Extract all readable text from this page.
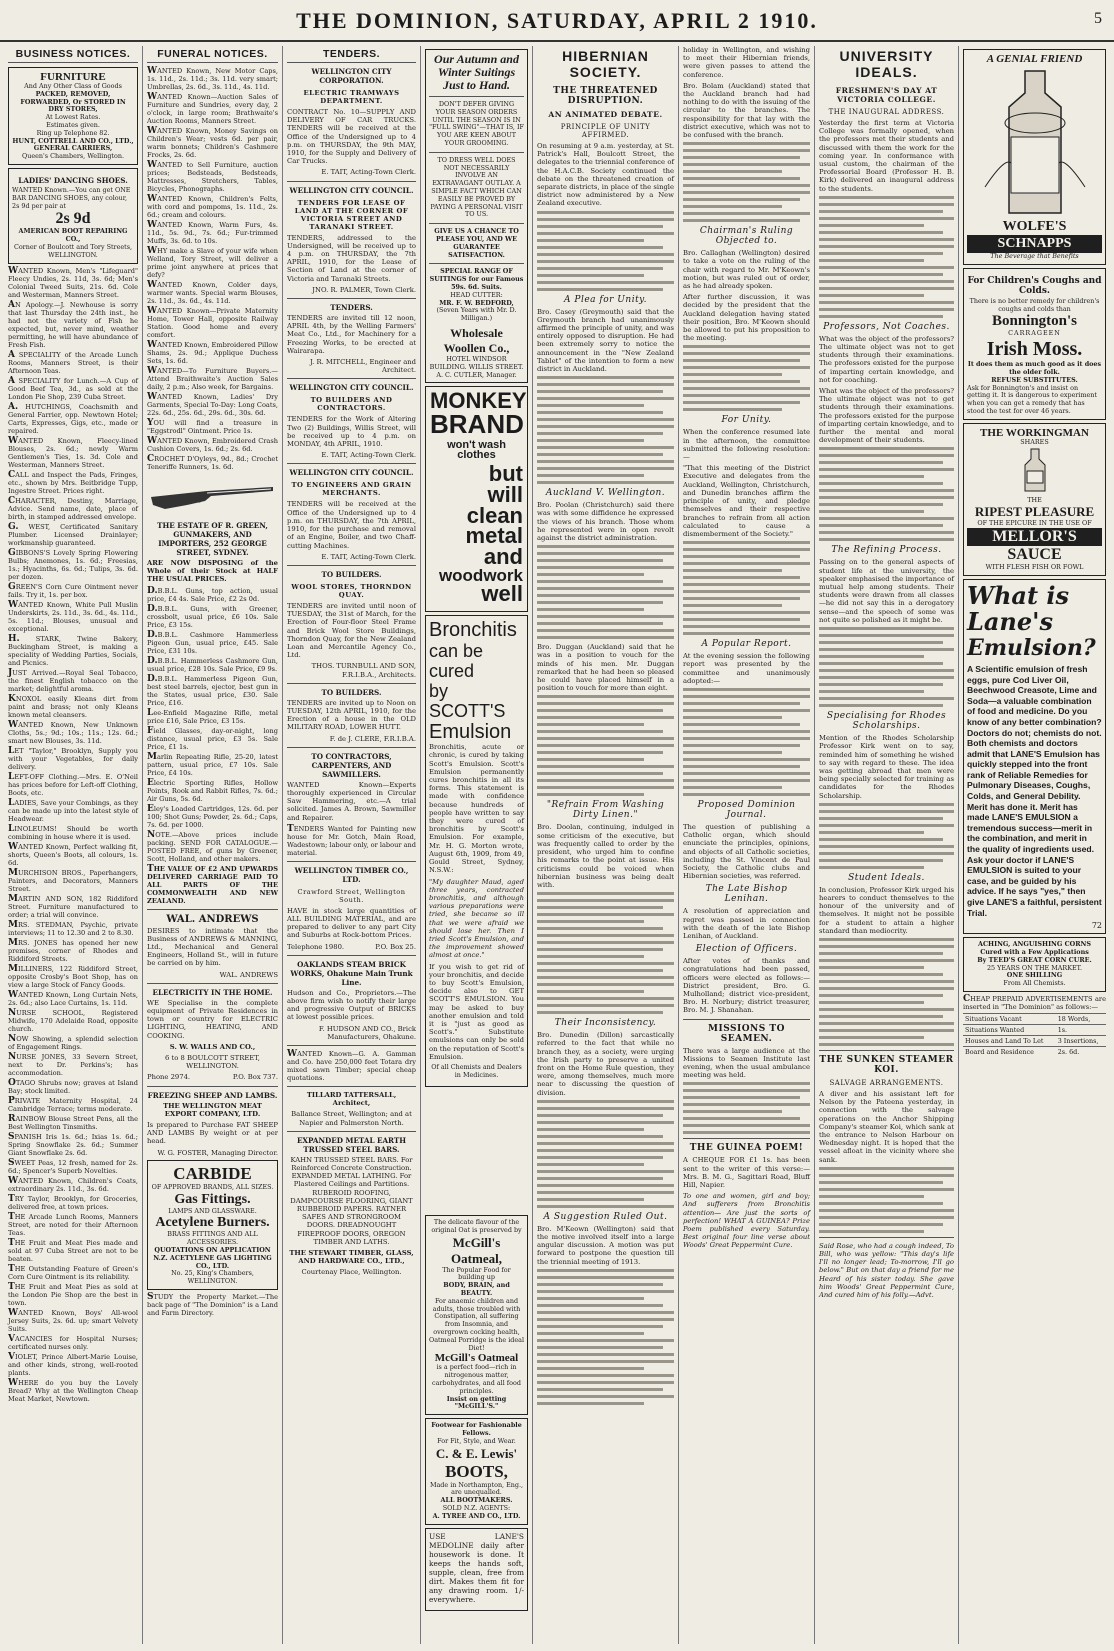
THE DOMINION, SATURDAY, APRIL 2 1910.	5
BUSINESS NOTICES.
FURNITURE
And Any Other Class of Goods
PACKED, REMOVED, FORWARDED, Or STORED IN DRY STORES,
At Lowest Rates.
Estimates given.
Ring up Telephone 82.
HUNT, COTTRELL AND CO., LTD., GENERAL CARRIERS,
Queen's Chambers, Wellington.
LADIES' DANCING SHOES.
WANTED Known.—You can get ONE BAR DANCING SHOES, any colour, 2s 9d per pair at
2s 9d
AMERICAN BOOT REPAIRING CO.,
Corner of Boulcott and Tory Streets, WELLINGTON.

WANTED Known, Men's "Lifeguard" Fleecy Undies, 2s. 11d, 3s. 6d; Men's Colonial Tweed Suits, 21s. 6d. Cole and Westerman, Manners Street.

AN Apology.—J. Newhouse is sorry that last Thursday the 24th inst., he had not the variety of Fish he expected, but, never mind, weather permitting, he will have abundance of Fresh Fish.

A SPECIALITY of the Arcade Lunch Rooms, Manners Street, is their Afternoon Teas.

A SPECIALITY for Lunch.—A Cup of Good Beef Tea, 3d., as sold at the London Pie Shop, 239 Cuba Street.

A. HUTCHINGS, Coachsmith and General Farrier, opp. Newtown Hotel; Carts, Expresses, Gigs, etc., made or repaired.

WANTED Known, Fleecy-lined Blouses, 2s. 6d.; newly Warm Gentlemen's Ties, 1s. 3d. Cole and Westerman, Manners Street.

CALL and Inspect the Pads, Fringes, etc., shown by Mrs. Beitbridge Tupp, Ingestre Street. Prices right.

CHARACTER, Destiny, Marriage, Advice. Send name, date, place of birth, in stamped addressed envelope.

G. WEST, Certificated Sanitary Plumber. Licensed Drainlayer; workmanship guaranteed.

GIBBONS'S Lovely Spring Flowering Bulbs; Anemones, 1s. 6d.; Freesias, 1s.; Hyacinths, 6s. 6d.; Tulips, 3s. 6d. per dozen.

GREEN'S Corn Cure Ointment never fails. Try it, 1s. per box.

WANTED Known, White Pull Muslin Underskirts, 2s. 11d., 3s. 6d., 4s. 11d., 5s. 11d.; Blouses, unusual and exceptional.

H. STARK, Twine Bakery, Buckingham Street, is making a speciality of Wedding Parties, Socials, and Picnics.

JUST Arrived.—Royal Seal Tobacco, the finest English tobacco on the market; delightful aroma.

KNOXOL easily Kleans dirt from paint and brass; not only Kleans known metal cleansers.

WANTED Known, New Unknown Cloths, 5s.; 9d.; 10s.; 11s.; 12s. 6d.; smart new Blouses, 3s. 11d.

LET "Taylor," Brooklyn, Supply you with your Vegetables, for daily delivery.

LEFT-OFF Clothing.—Mrs. E. O'Neil has prices before for Left-off Clothing, Boots, etc.

LADIES, Save your Combings, as they can be made up into the latest style of Headwear.

LINOLEUMS! Should be worth combining in house where it is used.

WANTED Known, Perfect walking fit, shorts, Queen's Boots, all colours, 1s. 6d.

MURCHISON BROS., Paperhangers, Painters, and Decorators, Manners Street.

MARTIN AND SON, 182 Riddiford Street. Furniture manufactured to order; a trial will convince.

MRS. STEDMAN, Psychic, private interviews; 11 to 12.30 and 2 to 8.30.

MRS. JONES has opened her new premises, corner of Rhodes and Riddiford Streets.

MILLINERS, 122 Riddiford Street, opposite Crosby's Boot Shop, has on view a large Stock of Fancy Goods.

WANTED Known, Long Curtain Nets, 2s. 6d.; also Lace Curtains, 1s. 11d.

NURSE SCHOOL, Registered Midwife, 170 Adelaide Road, opposite church.

NOW Showing, a splendid selection of Engagement Rings.

NURSE JONES, 33 Severn Street, next to Dr. Perkins's; has accommodation.

OTAGO Shrubs now; graves at Island Bay; stock limited.

PRIVATE Maternity Hospital, 24 Cambridge Terrace; terms moderate.

RAINBOW Blouse Street Pens, all the Best Wellington Tinsmiths.

SPANISH Iris 1s. 6d.; Ixias 1s. 6d.; Spring Snowflake 2s. 6d.; Summer Giant Snowflake 2s. 6d.

SWEET Peas, 12 fresh, named for 2s. 6d.; Spencer's Superb Novelties.

WANTED Known, Children's Coats, extraordinary 2s. 11d., 3s. 6d.

TRY Taylor, Brooklyn, for Groceries, delivered free, at town prices.

THE Arcade Lunch Rooms, Manners Street, are noted for their Afternoon Teas.

THE Fruit and Meat Pies made and sold at 97 Cuba Street are not to be beaten.

THE Outstanding Feature of Green's Corn Cure Ointment is its reliability.

THE Fruit and Meat Pies as sold at the London Pie Shop are the best in town.

WANTED Known, Boys' All-wool Jersey Suits, 2s. 6d. up; smart Velvety Suits.

VACANCIES for Hospital Nurses; certificated nurses only.

VIOLET, Prince Albert-Marie Louise, and other kinds, strong, well-rooted plants.

WHERE do you buy the Lovely Bread? Why at the Wellington Cheap Meat Market, Newtown.

FUNERAL NOTICES.

WANTED Known, New Motor Caps, 1s. 11d., 2s. 11d.; 3s. 11d. very smart; Umbrellas, 2s. 6d., 3s. 11d., 4s. 11d.

WANTED Known—Auction Sales of Furniture and Sundries, every day, 2 o'clock, in large room; Brathwaite's Auction Rooms, Manners Street.

WANTED Known, Money Savings on Children's Wear; vests 6d. per pair, warm bonnets; Children's Cashmere Frocks, 2s. 6d.

WANTED to Sell Furniture, auction prices; Bedsteads, Bedsteads, Mattresses, Stretchers, Tables, Bicycles, Phonographs.

WANTED Known, Children's Felts, with cord and pompoms, 1s. 11d., 2s. 6d.; cream and colours.

WANTED Known, Warm Furs, 4s. 11d., 5s. 9d., 7s. 6d.; Fur-trimmed Muffs, 3s. 6d. to 10s.

WHY make a Slave of your wife when Welland, Tory Street, will deliver a prime joint anywhere at prices that defy?

WANTED Known, Colder days, warmer wants. Special warm Blouses, 2s. 11d., 3s. 6d., 4s. 11d.

WANTED Known—Private Maternity Home, Tower Hall, opposite Railway Station. Good home and every comfort.

WANTED Known, Embroidered Pillow Shams, 2s. 9d.; Applique Duchess Sets, 1s. 6d.

WANTED—To Furniture Buyers.—Attend Braithwaite's Auction Sales daily, 2 p.m.; Also week, for Bargains.

WANTED Known, Ladies' Dry Garments, Special To-Day: Long Coats, 22s. 6d., 25s. 6d., 29s. 6d., 30s. 6d.

YOU will find a treasure in "Eggstrodl" Ointment. Price 1s.

WANTED Known, Embroidered Crash Cushion Covers, 1s. 6d.; 2s. 6d.

CROCHET D'Oyleys, 9d., 8d.; Crochet Teneriffe Runners, 1s. 6d.

THE ESTATE OF R. GREEN, GUNMAKERS, AND IMPORTERS, 252 GEORGE STREET, SYDNEY.

ARE NOW DISPOSING of the Whole of their Stock at HALF THE USUAL PRICES.

D.B.B.L. Guns, top action, usual price, £4 4s. Sale Price, £2 2s 0d.

D.B.B.L. Guns, with Greener, crossbolt, usual price, £6 10s. Sale Price, £3 15s.

D.B.B.L. Cashmore Hammerless Pigeon Gun, usual price, £45. Sale Price, £31 10s.

D.B.B.L. Hammerless Cashmore Gun, usual price, £28 10s. Sale Price, £9 9s.

D.B.B.L. Hammerless Pigeon Gun, best steel barrels, ejector, best gun in the States, usual price, £30. Sale Price, £16.

Lee-Enfield Magazine Rifle, metal price £16, Sale Price, £3 15s.

Field Glasses, day-or-night, long distance, usual price, £3 5s. Sale Price, £1 1s.

Marlin Repeating Rifle, 25-20, latest pattern, usual price, £7 10s. Sale Price, £4 10s.

Electric Sporting Rifles, Hollow Points, Rook and Rabbit Rifles, 7s. 6d.; Air Guns, 5s. 6d.

Eley's Loaded Cartridges, 12s. 6d. per 100; Shot Guns; Powder, 2s. 6d.; Caps, 7s. 6d. per 1000.

NOTE.—Above prices include packing. SEND FOR CATALOGUE.—POSTED FREE, of guns by Greener, Scott, Holland, and other makers.

THE VALUE OF £2 AND UPWARDS DELIVERED CARRIAGE PAID TO ALL PARTS OF THE COMMONWEALTH AND NEW ZEALAND.

WAL. ANDREWS

DESIRES to intimate that the Business of ANDREWS & MANNING, Ltd., Mechanical and General Engineers, Holland St., will in future be carried on by him.

WAL. ANDREWS

ELECTRICITY IN THE HOME.

WE Specialise in the complete equipment of Private Residences in town or country for ELECTRIC LIGHTING, HEATING, AND COOKING.

S. W. WALLS AND CO.,

6 to 8 BOULCOTT STREET, WELLINGTON.

Phone 2974.	P.O. Box 737.

FREEZING SHEEP AND LAMBS.

THE WELLINGTON MEAT EXPORT COMPANY, LTD.

Is prepared to Purchase FAT SHEEP AND LAMBS By weight or at per head.

W. G. FOSTER, Managing Director.

CARBIDE
OF APPROVED BRANDS, ALL SIZES.
Gas Fittings.
LAMPS AND GLASSWARE.
Acetylene Burners.
BRASS FITTINGS AND ALL ACCESSORIES.
QUOTATIONS ON APPLICATION
N.Z. ACETYLENE GAS LIGHTING CO., LTD.
No. 25, King's Chambers, WELLINGTON.

STUDY the Property Market.—The back page of "The Dominion" is a Land and Farm Directory.

TENDERS.
WELLINGTON CITY CORPORATION.
ELECTRIC TRAMWAYS DEPARTMENT.

CONTRACT No. 10—SUPPLY AND DELIVERY OF CAR TRUCKS. TENDERS will be received at the Office of the Undersigned up to 4 p.m. on THURSDAY, the 9th MAY, 1910, for the Supply and Delivery of Car Trucks.

E. TAIT, Acting-Town Clerk.

WELLINGTON CITY COUNCIL.
TENDERS FOR LEASE OF LAND AT THE CORNER OF VICTORIA STREET AND TARANAKI STREET.

TENDERS, addressed to the Undersigned, will be received up to 4 p.m. on THURSDAY, the 7th APRIL, 1910, for the Lease of Section of Land at the corner of Victoria and Taranaki Streets.

JNO. R. PALMER, Town Clerk.

TENDERS.

TENDERS are invited till 12 noon, APRIL 4th, by the Welling Farmers' Meat Co., Ltd., for Machinery for a Freezing Works, to be erected at Wairarapa.

J. R. MITCHELL, Engineer and Architect.

WELLINGTON CITY COUNCIL.
TO BUILDERS AND CONTRACTORS.

TENDERS for the Work of Altering Two (2) Buildings, Willis Street, will be received up to 4 p.m. on MONDAY, 4th APRIL, 1910.

E. TAIT, Acting-Town Clerk.

WELLINGTON CITY COUNCIL.
TO ENGINEERS AND GRAIN MERCHANTS.

TENDERS will be received at the Office of the Undersigned up to 4 p.m. on THURSDAY, the 7th APRIL, 1910, for the purchase and removal of an Engine, Boiler, and two Chaff-cutting Machines.

E. TAIT, Acting-Town Clerk.

TO BUILDERS.
WOOL STORES, THORNDON QUAY.

TENDERS are invited until noon of TUESDAY, the 31st of March, for the Erection of Four-floor Steel Frame and Brick Wool Store Buildings, Thorndon Quay, for the New Zealand Loan and Mercantile Agency Co., Ltd.

THOS. TURNBULL AND SON, F.R.I.B.A., Architects.

TO BUILDERS.

TENDERS are invited up to Noon on TUESDAY, 12th APRIL, 1910, for the Erection of a house in the OLD MILITARY ROAD, LOWER HUTT.

F. de J. CLERE, F.R.I.B.A.

TO CONTRACTORS, CARPENTERS, AND SAWMILLERS.

WANTED Known—Experts thoroughly experienced in Circular Saw Hammering, etc.—A trial solicited. James A. Brown, Sawmiller and Repairer.

TENDERS Wanted for Painting new house for Mr. Gotch, Main Road, Wadestown; labour only, or labour and material.

WELLINGTON TIMBER CO., LTD.
Crawford Street, Wellington South.

HAVE in stock large quantities of ALL BUILDING MATERIAL, and are prepared to deliver to any part City and Suburbs at Rock-bottom Prices.

Telephone 1980.	P.O. Box 25.

OAKLANDS STEAM BRICK WORKS, Ohakune Main Trunk Line.

Hudson and Co., Proprietors.—The above firm wish to notify their large and progressive Output of BRICKS at lowest possible prices.

F. HUDSON AND CO., Brick Manufacturers, Ohakune.

WANTED Known—G. A. Gamman and Co. have 250,000 feet Totara dry mixed sawn Timber; special cheap quotations.

TILLARD TATTERSALL, Architect,

Ballance Street, Wellington; and at Napier and Palmerston North.

EXPANDED METAL EARTH TRUSSED STEEL BARS.

KAHN TRUSSED STEEL BARS. For Reinforced Concrete Construction. EXPANDED METAL LATHING. For Plastered Ceilings and Partitions. RUBEROID ROOFING, DAMPCOURSE FLOORING, GIANT RUBBEROID PAPERS. RATNER SAFES AND STRONGROOM DOORS. DREADNOUGHT FIREPROOF DOORS, OREGON TIMBER AND LATHS.

THE STEWART TIMBER, GLASS, AND HARDWARE CO., LTD.,

Courtenay Place, Wellington.

Our Autumn and Winter Suitings Just to Hand.
DON'T DEFER GIVING YOUR SEASON ORDERS UNTIL THE SEASON IS IN "FULL SWING"—THAT IS, IF YOU ARE KEEN ABOUT YOUR GROOMING.
TO DRESS WELL DOES NOT NECESSARILY INVOLVE AN EXTRAVAGANT OUTLAY. A SIMPLE FACT WHICH CAN EASILY BE PROVED BY PAYING A PERSONAL VISIT TO US.
GIVE US A CHANCE TO PLEASE YOU, AND WE GUARANTEE SATISFACTION.
SPECIAL RANGE OF SUITINGS for our Famous 59s. 6d. Suits.
HEAD CUTTER:
MR. F. W. BEDFORD,
(Seven Years with Mr. D. Milligan.)
Wholesale Woollen Co.,
HOTEL WINDSOR BUILDING. WILLIS STREET.
A. C. CUTLER, Manager.
MONKEY
BRAND
won't wash clothes
but
will
clean
metal
and
woodwork
well
Bronchitis
can be cured
by SCOTT'S
Emulsion

Bronchitis, acute or chronic, is cured by taking Scott's Emulsion. Scott's Emulsion permanently cures bronchitis in all its forms. This statement is made with confidence because hundreds of people have written to say they were cured of bronchitis by Scott's Emulsion. For example, Mr. H. G. Morton wrote, August 6th, 1909, from 49, Gould Street, Sydney, N.S.W.:

"My daughter Maud, aged three years, contracted bronchitis, and although various preparations were tried, she became so ill that we were afraid we should lose her. Then I tried Scott's Emulsion, and the improvement showed almost at once."

If you wish to get rid of your bronchitis, and decide to buy Scott's Emulsion, decide also to GET SCOTT'S EMULSION. You may be asked to buy another emulsion and told it is "just as good as Scott's." Substitute emulsions can only be sold on the reputation of Scott's Emulsion.

Of all Chemists and Dealers in Medicines.

The delicate flavour of the original Oat is preserved by
McGill's Oatmeal,
The Popular Food for building up
BODY, BRAIN, and BEAUTY.
For anaemic children and adults, those troubled with Constipation, all suffering from Insomnia, and overgrown cocking health, Oatmeal Porridge is the ideal Diet!
McGill's Oatmeal
is a perfect food—rich in nitrogenous matter, carbohydrates, and all food principles.
Insist on getting "McGILL'S."
Footwear for Fashionable Fellows.
For Fit, Style, and Wear.
C. & E. Lewis'
BOOTS,
Made in Northampton, Eng., are unequalled.
ALL BOOTMAKERS.
SOLD N.Z. AGENTS:
A. TYREE AND CO., LTD.

USE LANE'S MEDOLINE daily after housework is done. It keeps the hands soft, supple, clean, free from dirt. Makes them fit for any drawing room. 1/- everywhere.

HIBERNIAN SOCIETY.
THE THREATENED DISRUPTION.
AN ANIMATED DEBATE.
PRINCIPLE OF UNITY AFFIRMED.

On resuming at 9 a.m. yesterday, at St. Patrick's Hall, Boulcott Street, the delegates to the triennial conference of the H.A.C.B. Society continued the debate on the threatened creation of separate districts, in place of the single district now administered by a New Zealand executive.

A Plea for Unity.

Bro. Casey (Greymouth) said that the Greymouth branch had unanimously affirmed the principle of unity, and was entirely opposed to disruption. He had been extremely sorry to notice the announcement in the "New Zealand Tablet" of the intention to form a new district in Auckland.

Auckland V. Wellington.

Bro. Poolan (Christchurch) said there was with some diffidence he expressed the views of his branch. Those whom he represented were in open revolt against the district administration.

Bro. Duggan (Auckland) said that he was in a position to vouch for the minds of his men. Mr. Duggan remarked that he had been so pleased he could have placed himself in a position to vouch for more than eight.

"Refrain From Washing Dirty Linen."

Bro. Doolan, continuing, indulged in some criticism of the executive, but was frequently called to order by the president, who urged him to confine his remarks to the point at issue. His criticisms could be voiced when hibernian business was being dealt with.

Their Inconsistency.

Bro. Dunedin (Dillon) sarcastically referred to the fact that while no branch they, as a society, were urging the Irish party to preserve a united front on the Home Rule question, they were, among themselves, much more near to discussing the question of division.

A Suggestion Ruled Out.

Bro. M'Keown (Wellington) said that the motive involved itself into a large angular discussion. A motion was put forward to postpone the question till the triennial meeting of 1913.

holiday in Wellington, and wishing to meet their Hibernian friends, were given passes to attend the conference.

Bro. Bolam (Auckland) stated that the Auckland branch had had nothing to do with the issuing of the circular to the branches. The responsibility for that lay with the district executive, which was not to be confused with the branch.

Chairman's Ruling Objected to.

Bro. Callaghan (Wellington) desired to take a vote on the ruling of the chair with regard to Mr. M'Keown's motion, but was ruled out of order, as he had already spoken.

After further discussion, it was decided by the president that the Auckland delegation having stated their position, Bro. M'Keown should be allowed to put his proposition to the meeting.

For Unity.

When the conference resumed late in the afternoon, the committee submitted the following resolution:—

"That this meeting of the District Executive and delegates from the Auckland, Wellington, Christchurch, and Dunedin branches affirm the principle of unity, and pledge themselves and their respective branches to refrain from all action calculated to cause a dismemberment of the Society."

A Popular Report.

At the evening session the following report was presented by the committee and unanimously adopted:—

Proposed Dominion Journal.

The question of publishing a Catholic organ, which should enunciate the principles, opinions, and objects of all Catholic societies, including the St. Vincent de Paul Society, the Catholic clubs and Hibernian societies, was referred.

The Late Bishop Lenihan.

A resolution of appreciation and regret was passed in connection with the death of the late Bishop Lenihan, of Auckland.

Election of Officers.

After votes of thanks and congratulations had been passed, officers were elected as follows:—District president, Bro. G. Mulholland; district vice-president, Bro. H. Norbury; district treasurer, Bro. M. J. Shanahan.

MISSIONS TO SEAMEN.

There was a large audience at the Missions to Seamen Institute last evening, when the usual ambulance meeting was held.

THE GUINEA POEM!

A CHEQUE FOR £1 1s. has been sent to the writer of this verse:—Mrs. B. M. G., Sagittari Road, Bluff Hill, Napier.

To one and women, girl and boy; And sufferers from Bronchitis attention— Are just the sorts of perfection! WHAT A GUINEA? Prize Poem published every Saturday. Best original four line verse about Woods' Great Peppermint Cure.

UNIVERSITY IDEALS.
FRESHMEN'S DAY AT VICTORIA COLLEGE.
THE INAUGURAL ADDRESS.

Yesterday the first term at Victoria College was formally opened, when the professors met their students and discussed with them the work for the coming year. In conformance with usual custom, the chairman of the Professorial Board (Professor H. B. Kirk) delivered an inaugural address to the students.

Professors, Not Coaches.

What was the object of the professors? The ultimate object was not to get students through their examinations. The professors existed for the purpose of imparting certain knowledge, and not for coaching.

What was the object of the professors? The ultimate object was not to get students through their examinations. The professors existed for the purpose of imparting certain knowledge, and to further the mental and moral development of their students.

The Refining Process.

Passing on to the general aspects of student life at the university, the speaker emphasised the importance of mutual help among students. Their students were drawn from all classes—he did not say this in a derogatory sense—and the speech of some was not quite so polished as it might be.

Specialising for Rhodes Scholarships.

Mention of the Rhodes Scholarship Professor Kirk went on to say, reminded him of something he wished to say with regard to these. The idea was getting abroad that men were being specially selected for training as candidates for the Rhodes Scholarship.

Student Ideals.

In conclusion, Professor Kirk urged his hearers to conduct themselves to the honour of the university and of themselves. It might not be possible for a student to attain a higher standard than mediocrity.

THE SUNKEN STEAMER KOI.
SALVAGE ARRANGEMENTS.

A diver and his assistant left for Nelson by the Pateena yesterday, in connection with the salvage operations on the Anchor Shipping Company's steamer Koi, which sank at the entrance to Nelson Harbour on Wednesday night. It is hoped that the vessel afloat in the vicinity where she sank.

Said Rose, who had a cough indeed, To Bill, who was yellow: "This day's life I'll no longer lead; To-morrow, I'll go below." But on that day a friend for me Heard of his sister today. She gave him Woods' Great Peppermint Cure, And cured him of his folly.—Advt.

A GENIAL FRIEND
WOLFE'S
SCHNAPPS
The Beverage that Benefits
For Children's Coughs and Colds.
There is no better remedy for children's coughs and colds than
Bonnington's
CARRAGEEN
Irish Moss.
It does them as much good as it does the older folk.
REFUSE SUBSTITUTES.
Ask for Bonnington's and insist on getting it. It is dangerous to experiment when you can get a remedy that has stood the test for over 46 years.
THE WORKINGMAN
SHARES
THE
RIPEST PLEASURE
OF THE EPICURE IN THE USE OF
MELLOR'S
SAUCE
WITH FLESH FISH OR FOWL
What is
Lane's
Emulsion?

A Scientific emulsion of fresh eggs, pure Cod Liver Oil, Beechwood Creasote, Lime and Soda—a valuable combination of food and medicine. Do you know of any better combination? Doctors do not; chemists do not. Both chemists and doctors admit that LANE'S Emulsion has quickly stepped into the front rank of Reliable Remedies for Pulmonary Diseases, Coughs, Colds, and General Debility. Merit has done it. Merit has made LANE'S EMULSION a tremendous success—merit in the combination, and merit in the quality of ingredients used. Ask your doctor if LANE'S EMULSION is suited to your case, and be guided by his advice. If he says "yes," then give LANE'S a faithful, persistent Trial.

72
ACHING, ANGUISHING CORNS Cured with a Few Applications
By TEED'S GREAT CORN CURE.
25 YEARS ON THE MARKET.
ONE SHILLING
From All Chemists.

CHEAP PREPAID ADVERTISEMENTS are inserted in "The Dominion" as follows:—

Situations Vacant	18 Words,
Situations Wanted	1s.
Houses and Land To Let	3 Insertions,
Board and Residence	2s. 6d.
